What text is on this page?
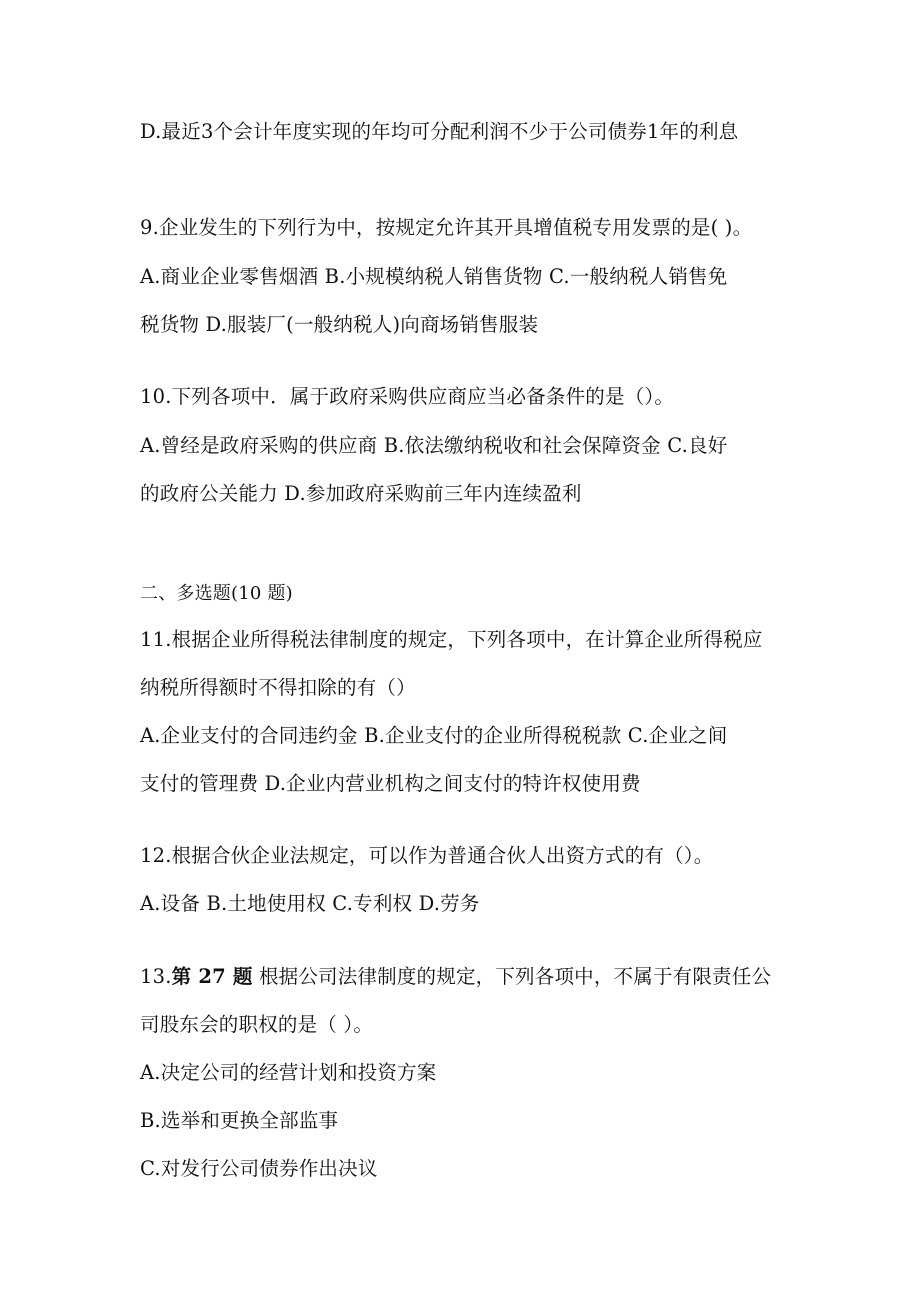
D.最近3个会计年度实现的年均可分配利润不少于公司债券1年的利息
9.企业发生的下列行为中，按规定允许其开具增值税专用发票的是( )。
A.商业企业零售烟酒 B.小规模纳税人销售货物 C.一般纳税人销售免
税货物 D.服装厂(一般纳税人)向商场销售服装
10.下列各项中．属于政府采购供应商应当必备条件的是（）。
A.曾经是政府采购的供应商 B.依法缴纳税收和社会保障资金 C.良好
的政府公关能力 D.参加政府采购前三年内连续盈利
二、多选题(10 题)
11.根据企业所得税法律制度的规定，下列各项中，在计算企业所得税应
纳税所得额时不得扣除的有（）
A.企业支付的合同违约金 B.企业支付的企业所得税税款 C.企业之间
支付的管理费 D.企业内营业机构之间支付的特许权使用费
12.根据合伙企业法规定，可以作为普通合伙人出资方式的有（）。
A.设备 B.土地使用权 C.专利权 D.劳务
13.第 27 题 根据公司法律制度的规定，下列各项中，不属于有限责任公
司股东会的职权的是（ ）。
A.决定公司的经营计划和投资方案
B.选举和更换全部监事
C.对发行公司债券作出决议
